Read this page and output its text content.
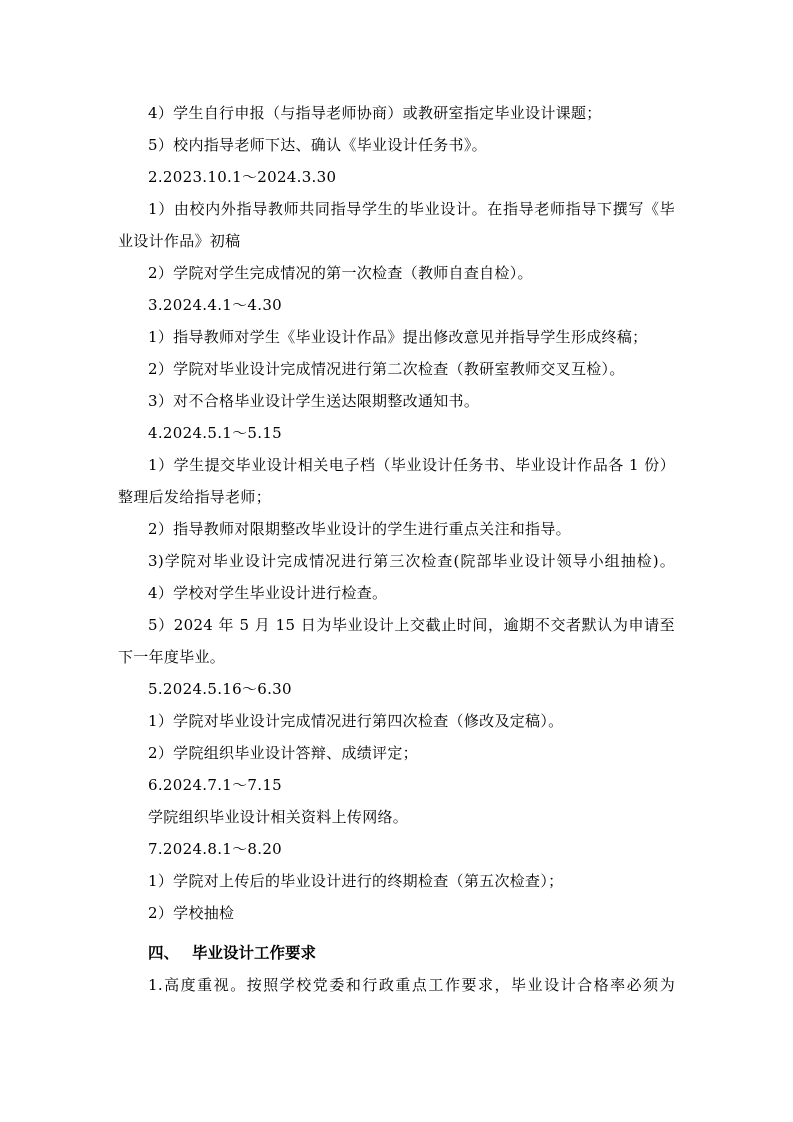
4）学生自行申报（与指导老师协商）或教研室指定毕业设计课题；
5）校内指导老师下达、确认《毕业设计任务书》。
2.2023.10.1～2024.3.30
1）由校内外指导教师共同指导学生的毕业设计。在指导老师指导下撰写《毕
业设计作品》初稿
2）学院对学生完成情况的第一次检查（教师自查自检）。
3.2024.4.1～4.30
1）指导教师对学生《毕业设计作品》提出修改意见并指导学生形成终稿；
2）学院对毕业设计完成情况进行第二次检查（教研室教师交叉互检）。
3）对不合格毕业设计学生送达限期整改通知书。
4.2024.5.1～5.15
1）学生提交毕业设计相关电子档（毕业设计任务书、毕业设计作品各 1 份）
整理后发给指导老师；
2）指导教师对限期整改毕业设计的学生进行重点关注和指导。
3)学院对毕业设计完成情况进行第三次检查(院部毕业设计领导小组抽检)。
4）学校对学生毕业设计进行检查。
5）2024 年 5 月 15 日为毕业设计上交截止时间，逾期不交者默认为申请至
下一年度毕业。
5.2024.5.16～6.30
1）学院对毕业设计完成情况进行第四次检查（修改及定稿）。
2）学院组织毕业设计答辩、成绩评定；
6.2024.7.1～7.15
学院组织毕业设计相关资料上传网络。
7.2024.8.1～8.20
1）学院对上传后的毕业设计进行的终期检查（第五次检查）；
2）学校抽检
四、 毕业设计工作要求
1.高度重视。按照学校党委和行政重点工作要求，毕业设计合格率必须为
